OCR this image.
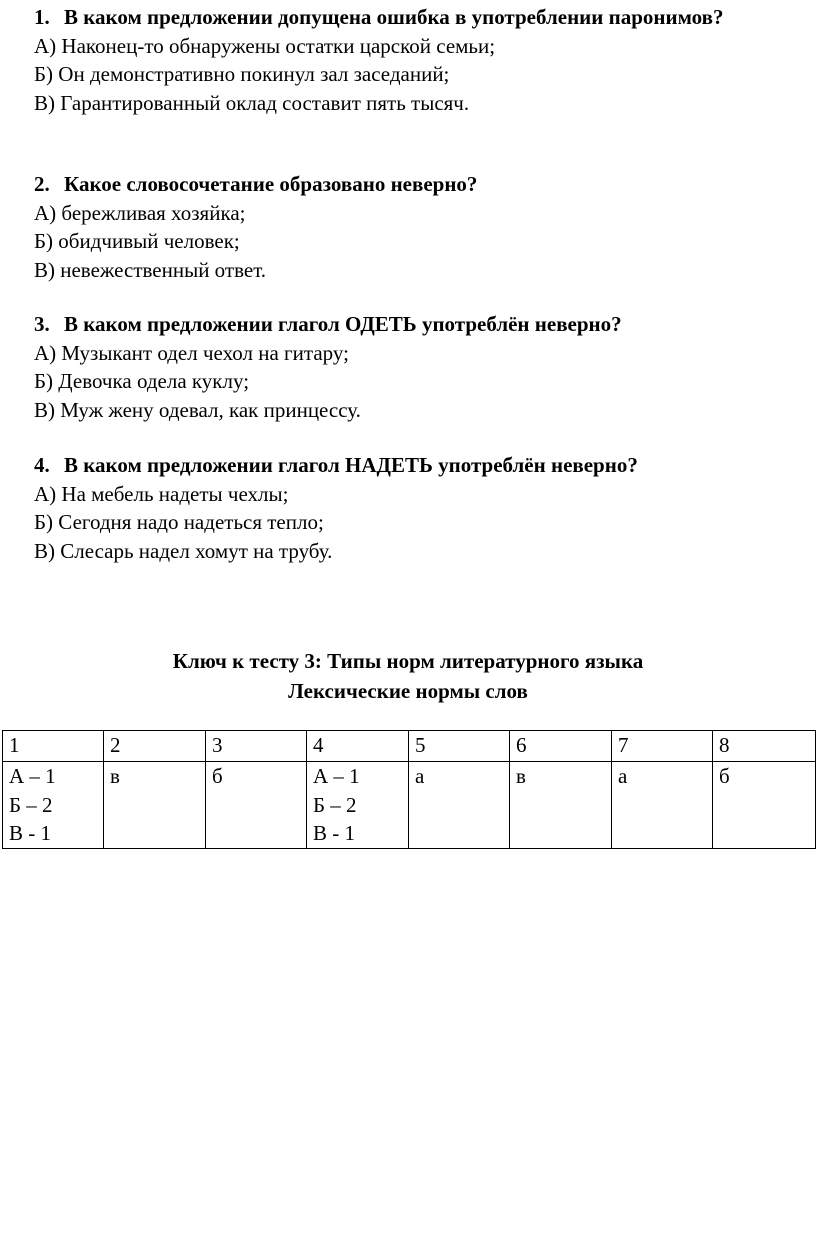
1. В каком предложении допущена ошибка в употреблении паронимов?
А) Наконец-то обнаружены остатки царской семьи;
Б) Он демонстративно покинул зал заседаний;
В) Гарантированный оклад составит пять тысяч.
2. Какое словосочетание образовано неверно?
А) бережливая хозяйка;
Б) обидчивый человек;
В) невежественный ответ.
3. В каком предложении глагол ОДЕТЬ употреблён неверно?
А) Музыкант одел чехол на гитару;
Б) Девочка одела куклу;
В) Муж жену одевал, как принцессу.
4. В каком предложении глагол НАДЕТЬ употреблён неверно?
А) На мебель надеты чехлы;
Б) Сегодня надо надеться тепло;
В) Слесарь надел хомут на трубу.
Ключ к тесту 3: Типы норм литературного языка
Лексические нормы слов
1	2	3	4	5	6	7	8

А – 1
Б – 2
В - 1	в	б	А – 1
Б – 2
В - 1	а	в	а	б
